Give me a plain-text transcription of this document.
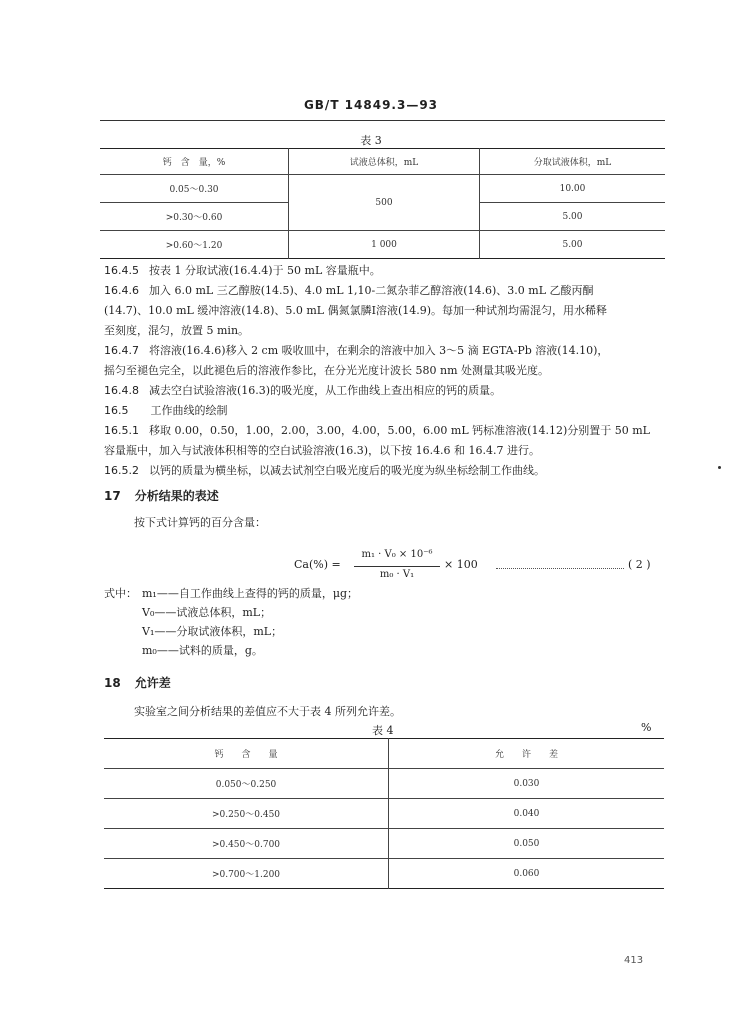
GB/T 14849.3—93
表 3
钙　含　量，%	试液总体积，mL	分取试液体积，mL
0.05～0.30	500	10.00
>0.30～0.60		5.00
>0.60～1.20	1 000	5.00
16.4.5 按表 1 分取试液(16.4.4)于 50 mL 容量瓶中。
16.4.6 加入 6.0 mL 三乙醇胺(14.5)、4.0 mL 1,10-二氮杂菲乙醇溶液(14.6)、3.0 mL 乙酸丙酮
(14.7)、10.0 mL 缓冲溶液(14.8)、5.0 mL 偶氮氯膦Ⅰ溶液(14.9)。每加一种试剂均需混匀，用水稀释
至刻度，混匀，放置 5 min。
16.4.7 将溶液(16.4.6)移入 2 cm 吸收皿中，在剩余的溶液中加入 3～5 滴 EGTA-Pb 溶液(14.10)，
摇匀至褪色完全，以此褪色后的溶液作参比，在分光光度计波长 580 nm 处测量其吸光度。
16.4.8 减去空白试验溶液(16.3)的吸光度，从工作曲线上查出相应的钙的质量。
16.5 工作曲线的绘制
16.5.1 移取 0.00，0.50，1.00，2.00，3.00，4.00，5.00，6.00 mL 钙标准溶液(14.12)分别置于 50 mL
容量瓶中，加入与试液体积相等的空白试验溶液(16.3)，以下按 16.4.6 和 16.4.7 进行。
16.5.2 以钙的质量为横坐标，以减去试剂空白吸光度后的吸光度为纵坐标绘制工作曲线。
17 分析结果的表述
按下式计算钙的百分含量：
Ca(%) =
m₁ · V₀ × 10⁻⁶
m₀ · V₁
× 100	( 2 )
式中： m₁——自工作曲线上查得的钙的质量，μg；
V₀——试液总体积，mL；
V₁——分取试液体积，mL；
m₀——试料的质量，g。
18 允许差
实验室之间分析结果的差值应不大于表 4 所列允许差。
表 4	%
钙　　含　　量	允　　许　　差
0.050～0.250	0.030
>0.250～0.450	0.040
>0.450～0.700	0.050
>0.700～1.200	0.060
413
